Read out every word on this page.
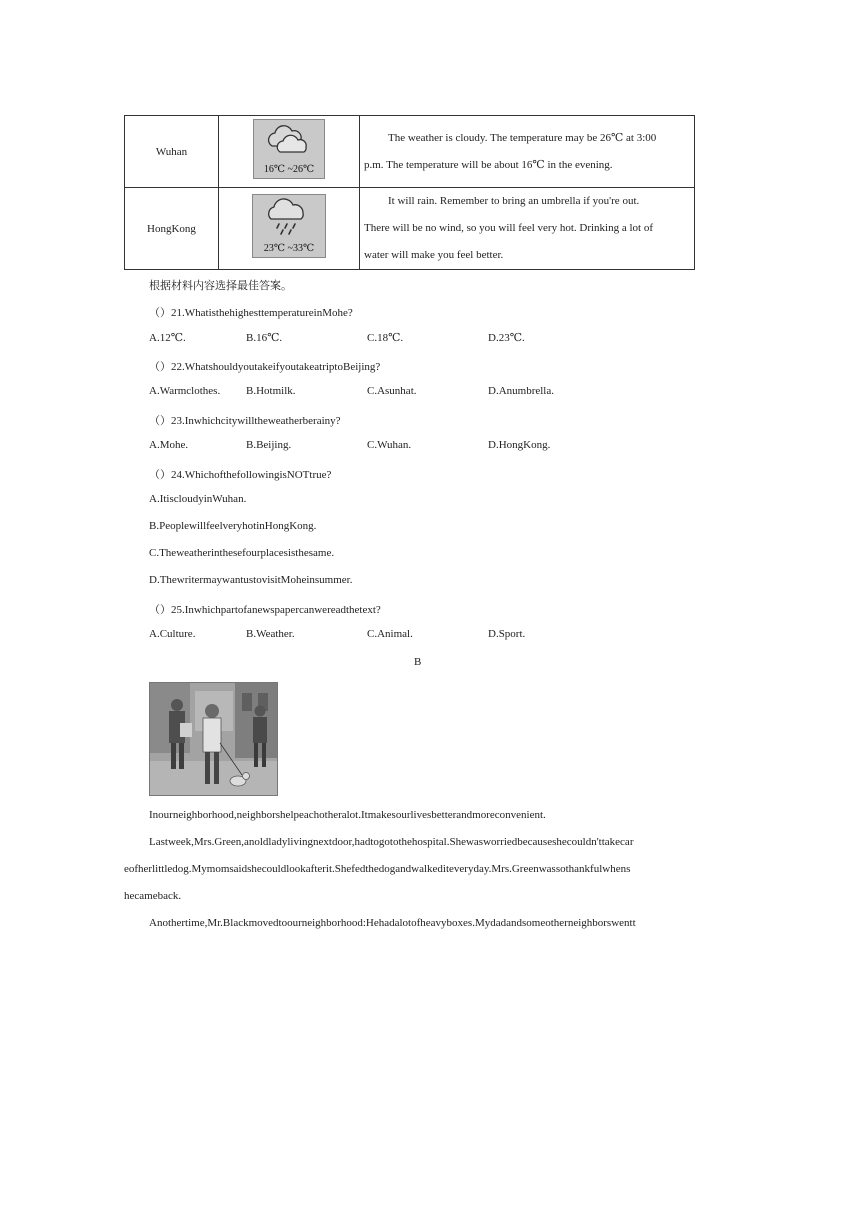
Wuhan	16℃ ~26℃	The weather is cloudy. The temperature may be 26℃ at 3:00
p.m. The temperature will be about 16℃ in the evening.

HongKong	23℃ ~33℃	It will rain. Remember to bring an umbrella if you're out.
There will be no wind, so you will feel very hot. Drinking a lot of
water will make you feel better.
根据材料内容选择最佳答案。
（）21.WhatisthehighesttemperatureinMohe?
A.12℃.	B.16℃.	C.18℃.	D.23℃.
（）22.WhatshouldyoutakeifyoutakeatriptoBeijing?
A.Warmclothes. B.Hotmilk.	C.Asunhat.	D.Anumbrella.
（）23.Inwhichcitywilltheweatherberainy?
A.Mohe.	B.Beijing.	C.Wuhan.	D.HongKong.
（）24.WhichofthefollowingisNOTtrue?
A.ItiscloudyinWuhan.
B.PeoplewillfeelveryhotinHongKong.
C.Theweatherinthesefourplacesisthesame.
D.ThewritermaywantustovisitMoheinsummer.
（）25.Inwhichpartofanewspapercanwereadthetext?
A.Culture.	B.Weather.	C.Animal.	D.Sport.
B
Inourneighborhood,neighborshelpeachotheralot.Itmakesourlivesbetterandmoreconvenient.
Lastweek,Mrs.Green,anoldladylivingnextdoor,hadtogotothehospital.Shewasworriedbecauseshecouldn'ttakecar
eofherlittledog.Mymomsaidshecouldlookafterit.Shefedthedogandwalkediteveryday.Mrs.Greenwassothankfulwhens
hecameback.
Anothertime,Mr.Blackmovedtoourneighborhood:Hehadalotofheavyboxes.Mydadandsomeotherneighborswentt
